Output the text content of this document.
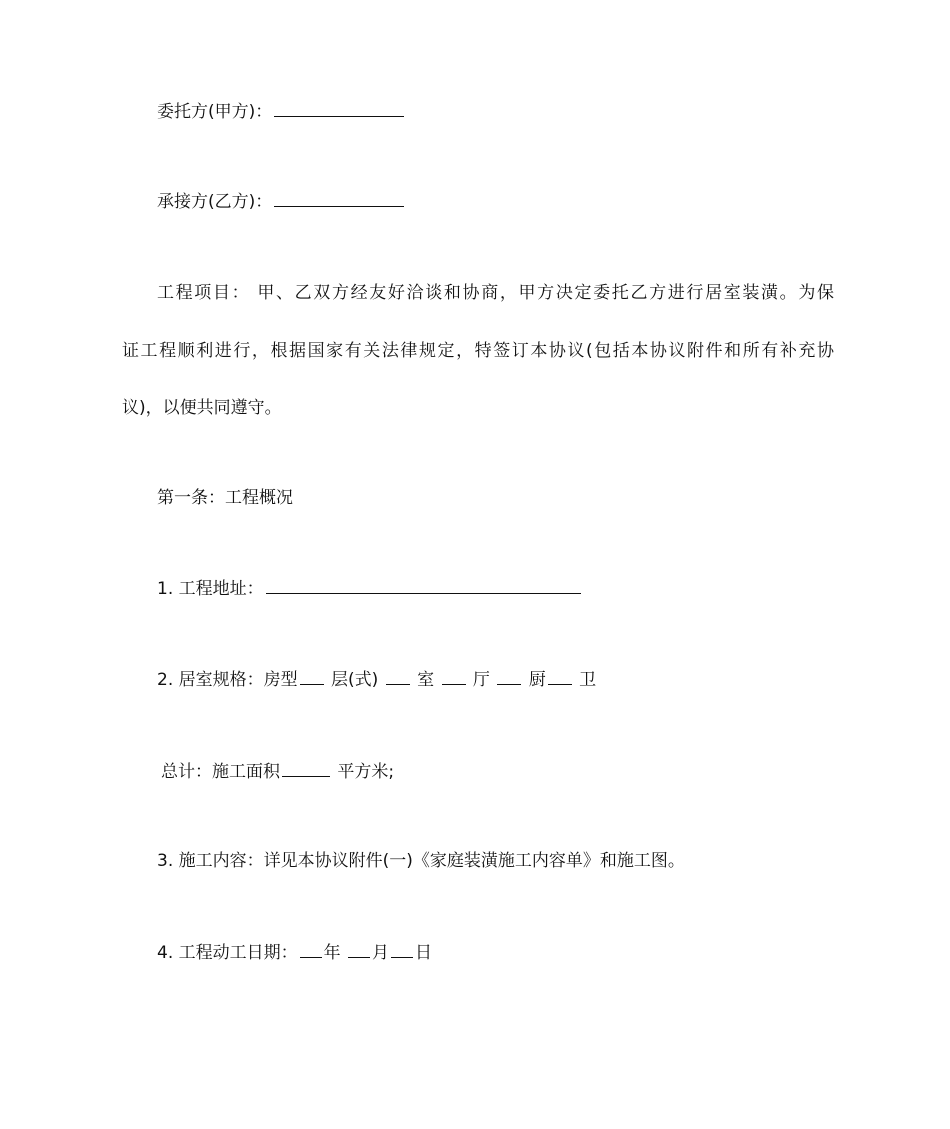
委托方(甲方)：
承接方(乙方)：
工程项目： 甲、乙双方经友好洽谈和协商，甲方决定委托乙方进行居室装潢。为保
证工程顺利进行，根据国家有关法律规定，特签订本协议(包括本协议附件和所有补充协
议)，以便共同遵守。
第一条：工程概况
1. 工程地址：
2. 居室规格：房型 层(式) 室 厅 厨 卫
总计：施工面积	平方米;
3. 施工内容：详见本协议附件(一)《家庭装潢施工内容单》和施工图。
4. 工程动工日期： 年 月 日
